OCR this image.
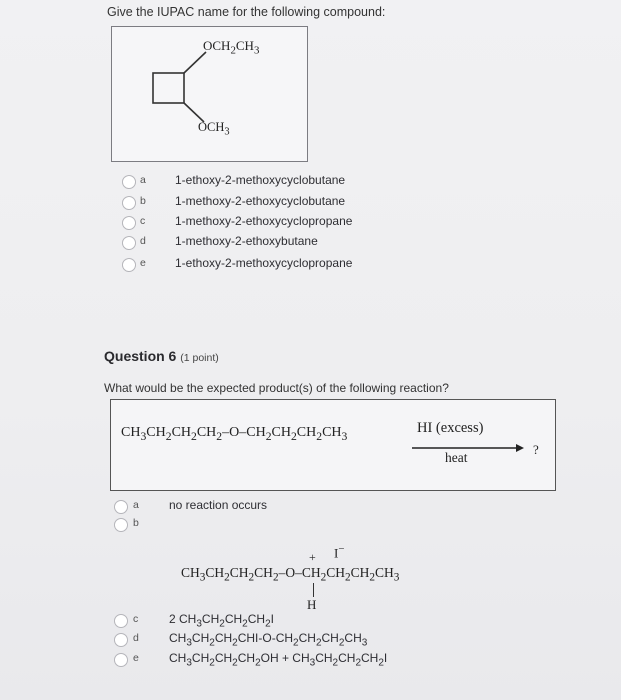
Give the IUPAC name for the following compound:
$OCH_2CH_3$
$OCH_3$
a 1-ethoxy-2-methoxycyclobutane
b 1-methoxy-2-ethoxycyclobutane
c 1-methoxy-2-ethoxycyclopropane
d 1-methoxy-2-ethoxybutane
e 1-ethoxy-2-methoxycyclopropane
Question 6 (1 point)
What would be the expected product(s) of the following reaction?
$CH_3CH_2CH_2CH_2-O-CH_2CH_2CH_2CH_3$
HI (excess)
heat
?
a	no reaction occurs
b
c	2 $CH_3CH_2CH_2CH_2I$
d	$CH_3CH_2CH_2CHI-O-CH_2CH_2CH_2CH_3$
e	$CH_3CH_2CH_2CH_2OH + CH_3CH_2CH_2CH_2I$
$CH_3CH_2CH_2CH_2-O-CH_2CH_2CH_2CH_3$
+ I−
H
